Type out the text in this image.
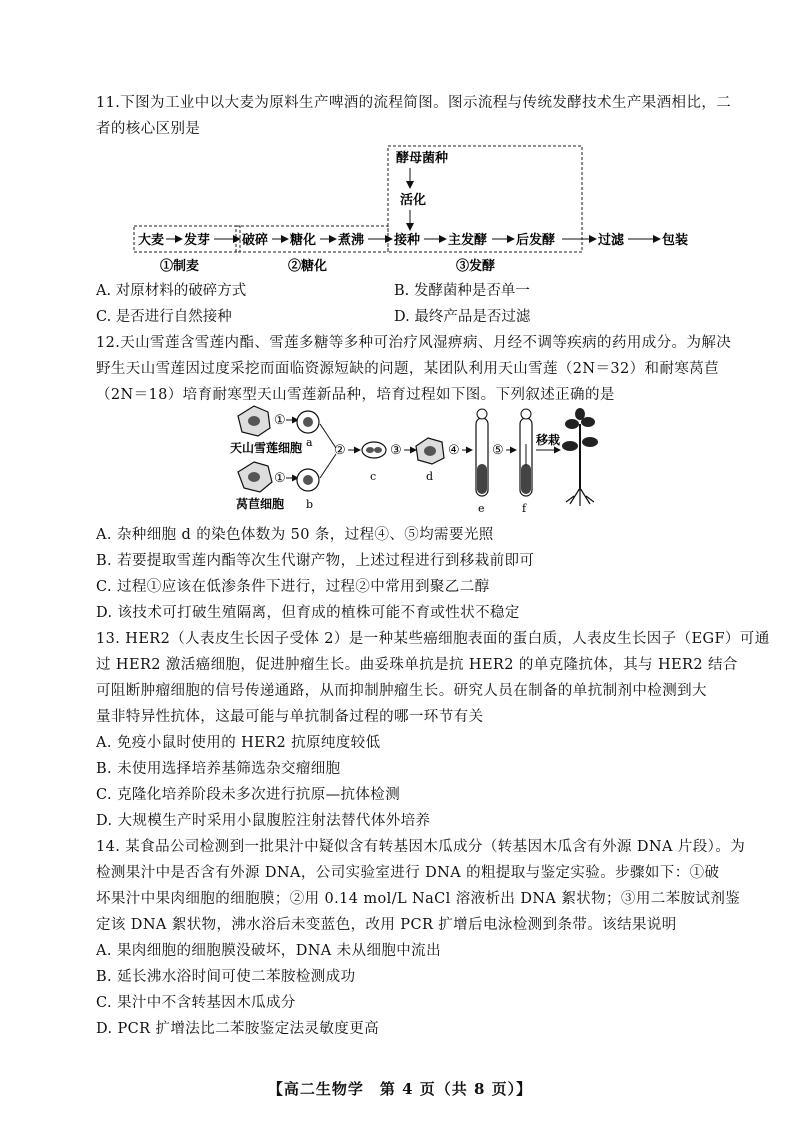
11.下图为工业中以大麦为原料生产啤酒的流程简图。图示流程与传统发酵技术生产果酒相比，二
者的核心区别是
酵母菌种
活化
大麦 发芽 破碎 糖化 煮沸 接种 主发酵 后发酵	过滤	包装
①制麦	②糖化	③发酵
A. 对原材料的破碎方式	B. 发酵菌种是否单一
C. 是否进行自然接种	D. 最终产品是否过滤
12.天山雪莲含雪莲内酯、雪莲多糖等多种可治疗风湿痹病、月经不调等疾病的药用成分。为解决
野生天山雪莲因过度采挖而面临资源短缺的问题，某团队利用天山雪莲（2N＝32）和耐寒莴苣
（2N＝18）培育耐寒型天山雪莲新品种，培育过程如下图。下列叙述正确的是
①
a
天山雪莲细胞
①
b
莴苣细胞
②
c
③
d
④
e
⑤
f
移栽
A. 杂种细胞 d 的染色体数为 50 条，过程④、⑤均需要光照
B. 若要提取雪莲内酯等次生代谢产物，上述过程进行到移栽前即可
C. 过程①应该在低渗条件下进行，过程②中常用到聚乙二醇
D. 该技术可打破生殖隔离，但育成的植株可能不育或性状不稳定
13. HER2（人表皮生长因子受体 2）是一种某些癌细胞表面的蛋白质，人表皮生长因子（EGF）可通
过 HER2 激活癌细胞，促进肿瘤生长。曲妥珠单抗是抗 HER2 的单克隆抗体，其与 HER2 结合
可阻断肿瘤细胞的信号传递通路，从而抑制肿瘤生长。研究人员在制备的单抗制剂中检测到大
量非特异性抗体，这最可能与单抗制备过程的哪一环节有关
A. 免疫小鼠时使用的 HER2 抗原纯度较低
B. 未使用选择培养基筛选杂交瘤细胞
C. 克隆化培养阶段未多次进行抗原—抗体检测
D. 大规模生产时采用小鼠腹腔注射法替代体外培养
14. 某食品公司检测到一批果汁中疑似含有转基因木瓜成分（转基因木瓜含有外源 DNA 片段）。为
检测果汁中是否含有外源 DNA，公司实验室进行 DNA 的粗提取与鉴定实验。步骤如下：①破
坏果汁中果肉细胞的细胞膜；②用 0.14 mol/L NaCl 溶液析出 DNA 絮状物；③用二苯胺试剂鉴
定该 DNA 絮状物，沸水浴后未变蓝色，改用 PCR 扩增后电泳检测到条带。该结果说明
A. 果肉细胞的细胞膜没破坏，DNA 未从细胞中流出
B. 延长沸水浴时间可使二苯胺检测成功
C. 果汁中不含转基因木瓜成分
D. PCR 扩增法比二苯胺鉴定法灵敏度更高
【高二生物学　第 4 页（共 8 页）】
